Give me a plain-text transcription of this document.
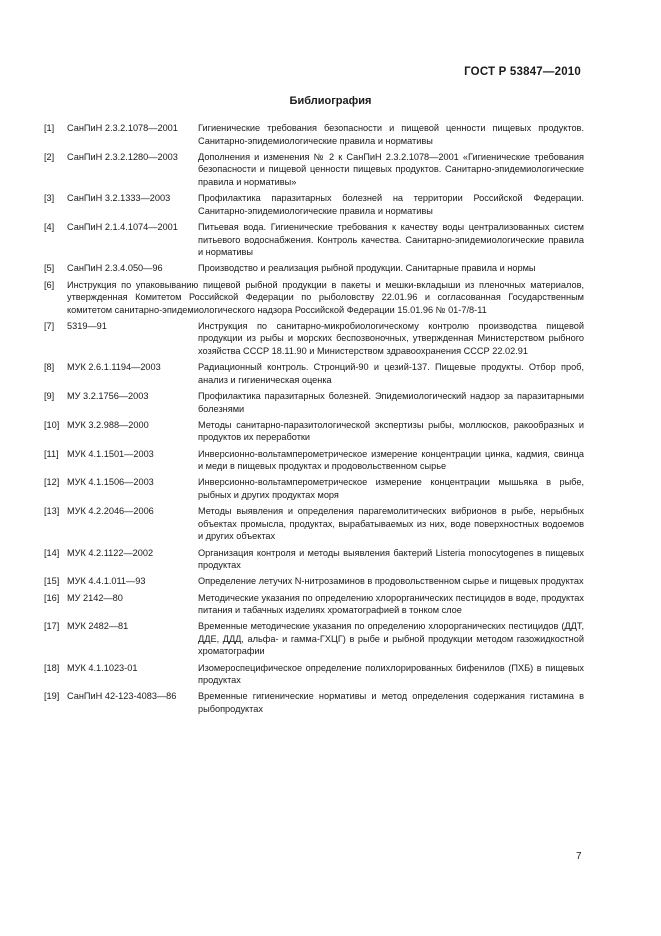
ГОСТ Р 53847—2010
Библиография
[1]	СанПиН 2.3.2.1078—2001	Гигиенические требования безопасности и пищевой ценности пищевых продуктов. Санитарно-эпидемиологические правила и нормативы
[2]	СанПиН 2.3.2.1280—2003	Дополнения и изменения № 2 к СанПиН 2.3.2.1078—2001 «Гигиенические требования безопасности и пищевой ценности пищевых продуктов. Санитарно-эпидемиологические правила и нормативы»
[3]	СанПиН 3.2.1333—2003	Профилактика паразитарных болезней на территории Российской Федерации. Санитарно-эпидемиологические правила и нормативы
[4]	СанПиН 2.1.4.1074—2001	Питьевая вода. Гигиенические требования к качеству воды централизованных систем питьевого водоснабжения. Контроль качества. Санитарно-эпидемиологические правила и нормативы
[5]	СанПиН 2.3.4.050—96	Производство и реализация рыбной продукции. Санитарные правила и нормы
[6]	Инструкция по упаковыванию пищевой рыбной продукции в пакеты и мешки-вкладыши из пленочных материалов, утвержденная Комитетом Российской Федерации по рыболовству 22.01.96 и согласованная Государственным комитетом санитарно-эпидемиологического надзора Российской Федерации 15.01.96 № 01-7/8-11
[7]	5319—91	Инструкция по санитарно-микробиологическому контролю производства пищевой продукции из рыбы и морских беспозвоночных, утвержденная Министерством рыбного хозяйства СССР 18.11.90 и Министерством здравоохранения СССР 22.02.91
[8]	МУК 2.6.1.1194—2003	Радиационный контроль. Стронций-90 и цезий-137. Пищевые продукты. Отбор проб, анализ и гигиеническая оценка
[9]	МУ 3.2.1756—2003	Профилактика паразитарных болезней. Эпидемиологический надзор за паразитарными болезнями
[10] МУК 3.2.988—2000	Методы санитарно-паразитологической экспертизы рыбы, моллюсков, ракообразных и продуктов их переработки
[11] МУК 4.1.1501—2003	Инверсионно-вольтамперометрическое измерение концентрации цинка, кадмия, свинца и меди в пищевых продуктах и продовольственном сырье
[12] МУК 4.1.1506—2003	Инверсионно-вольтамперометрическое измерение концентрации мышьяка в рыбе, рыбных и других продуктах моря
[13] МУК 4.2.2046—2006	Методы выявления и определения парагемолитических вибрионов в рыбе, нерыбных объектах промысла, продуктах, вырабатываемых из них, воде поверхностных водоемов и других объектах
[14] МУК 4.2.1122—2002	Организация контроля и методы выявления бактерий Listeria monocytogenes в пищевых продуктах
[15] МУК 4.4.1.011—93	Определение летучих N-нитрозаминов в продовольственном сырье и пищевых продуктах
[16] МУ 2142—80	Методические указания по определению хлорорганических пестицидов в воде, продуктах питания и табачных изделиях хроматографией в тонком слое
[17] МУК 2482—81	Временные методические указания по определению хлорорганических пестицидов (ДДТ, ДДЕ, ДДД, альфа- и гамма-ГХЦГ) в рыбе и рыбной продукции методом газожидкостной хроматографии
[18] МУК 4.1.1023-01	Изомероспецифическое определение полихлорированных бифенилов (ПХБ) в пищевых продуктах
[19] СанПиН 42-123-4083—86	Временные гигиенические нормативы и метод определения содержания гистамина в рыбопродуктах
7
